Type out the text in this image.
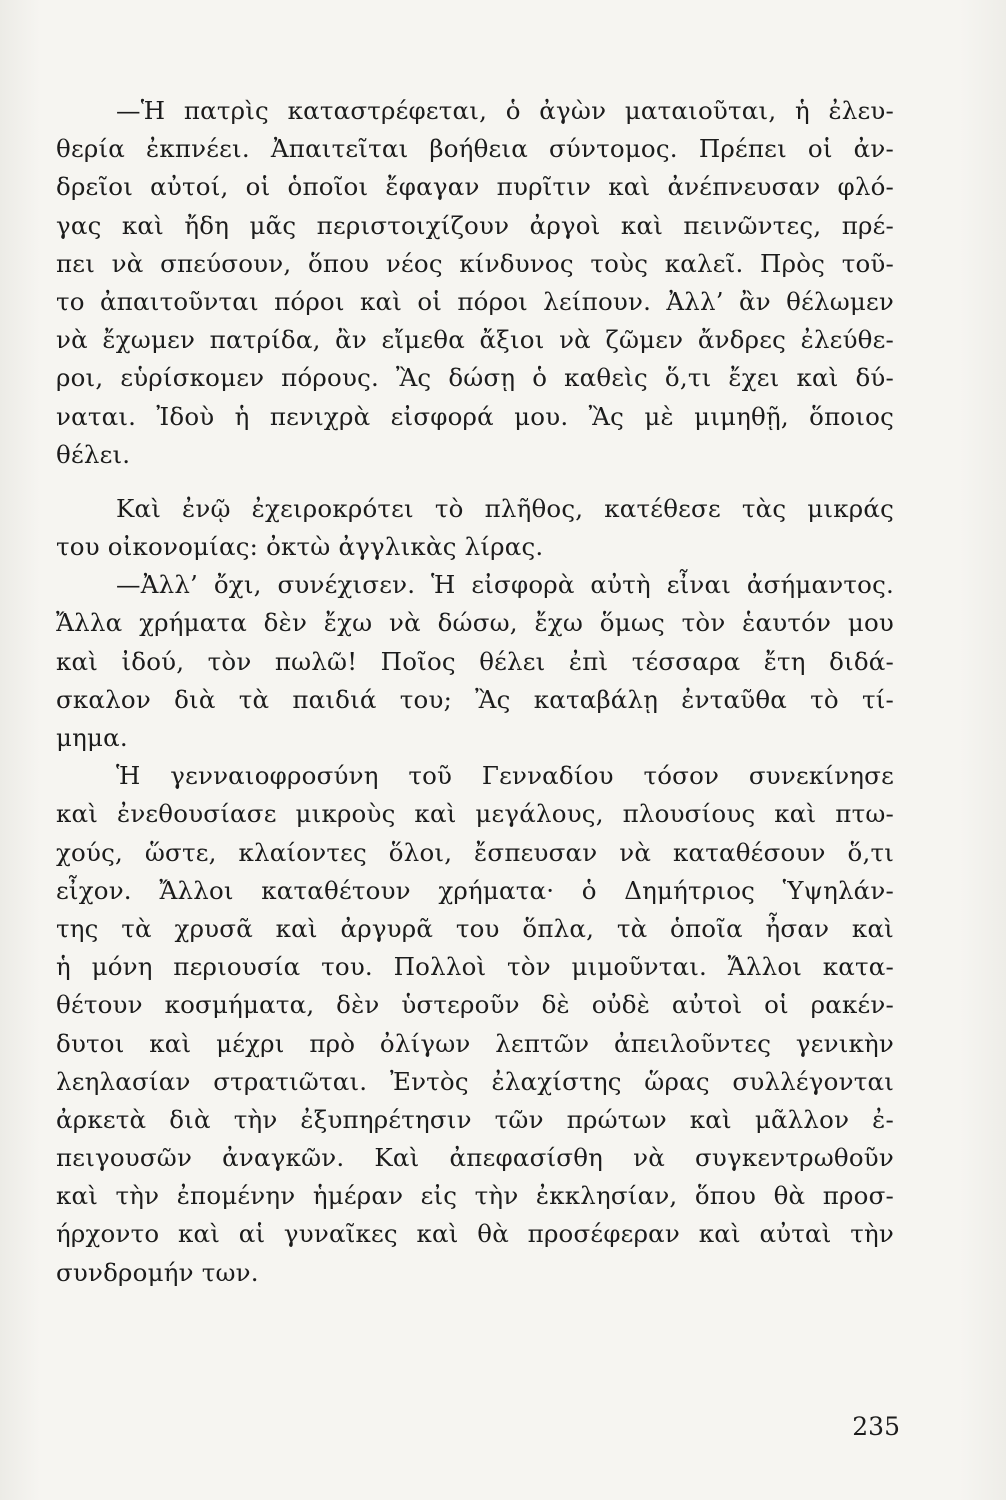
—Ἡ πατρὶς καταστρέφεται, ὁ ἀγὼν ματαιοῦται, ἡ ἐλευ-
θερία ἐκπνέει. Ἀπαιτεῖται βοήθεια σύντομος. Πρέπει οἱ ἀν-
δρεῖοι αὐτοί, οἱ ὁποῖοι ἔφαγαν πυρῖτιν καὶ ἀνέπνευσαν φλό-
γας καὶ ἤδη μᾶς περιστοιχίζουν ἀργοὶ καὶ πεινῶντες, πρέ-
πει νὰ σπεύσουν, ὅπου νέος κίνδυνος τοὺς καλεῖ. Πρὸς τοῦ-
το ἀπαιτοῦνται πόροι καὶ οἱ πόροι λείπουν. Ἀλλ’ ἂν θέλωμεν
νὰ ἔχωμεν πατρίδα, ἂν εἴμεθα ἄξιοι νὰ ζῶμεν ἄνδρες ἐλεύθε-
ροι, εὑρίσκομεν πόρους. Ἂς δώσῃ ὁ καθεὶς ὅ,τι ἔχει καὶ δύ-
ναται. Ἰδοὺ ἡ πενιχρὰ εἰσφορά μου. Ἂς μὲ μιμηθῇ, ὅποιος
θέλει.
Καὶ ἐνῷ ἐχειροκρότει τὸ πλῆθος, κατέθεσε τὰς μικράς
του οἰκονομίας: ὀκτὼ ἀγγλικὰς λίρας.
—Ἀλλ’ ὄχι, συνέχισεν. Ἡ εἰσφορὰ αὐτὴ εἶναι ἀσήμαντος.
Ἄλλα χρήματα δὲν ἔχω νὰ δώσω, ἔχω ὅμως τὸν ἑαυτόν μου
καὶ ἰδού, τὸν πωλῶ! Ποῖος θέλει ἐπὶ τέσσαρα ἔτη διδά-
σκαλον διὰ τὰ παιδιά του; Ἂς καταβάλῃ ἐνταῦθα τὸ τί-
μημα.
Ἡ γενναιοφροσύνη τοῦ Γενναδίου τόσον συνεκίνησε
καὶ ἐνεθουσίασε μικροὺς καὶ μεγάλους, πλουσίους καὶ πτω-
χούς, ὥστε, κλαίοντες ὅλοι, ἔσπευσαν νὰ καταθέσουν ὅ,τι
εἶχον. Ἄλλοι καταθέτουν χρήματα· ὁ Δημήτριος Ὑψηλάν-
της τὰ χρυσᾶ καὶ ἀργυρᾶ του ὅπλα, τὰ ὁποῖα ἦσαν καὶ
ἡ μόνη περιουσία του. Πολλοὶ τὸν μιμοῦνται. Ἄλλοι κατα-
θέτουν κοσμήματα, δὲν ὑστεροῦν δὲ οὐδὲ αὐτοὶ οἱ ρακέν-
δυτοι καὶ μέχρι πρὸ ὀλίγων λεπτῶν ἀπειλοῦντες γενικὴν
λεηλασίαν στρατιῶται. Ἐντὸς ἐλαχίστης ὥρας συλλέγονται
ἀρκετὰ διὰ τὴν ἐξυπηρέτησιν τῶν πρώτων καὶ μᾶλλον ἐ-
πειγουσῶν ἀναγκῶν. Καὶ ἀπεφασίσθη νὰ συγκεντρωθοῦν
καὶ τὴν ἐπομένην ἡμέραν εἰς τὴν ἐκκλησίαν, ὅπου θὰ προσ-
ήρχοντο καὶ αἱ γυναῖκες καὶ θὰ προσέφεραν καὶ αὐταὶ τὴν
συνδρομήν των.
235
